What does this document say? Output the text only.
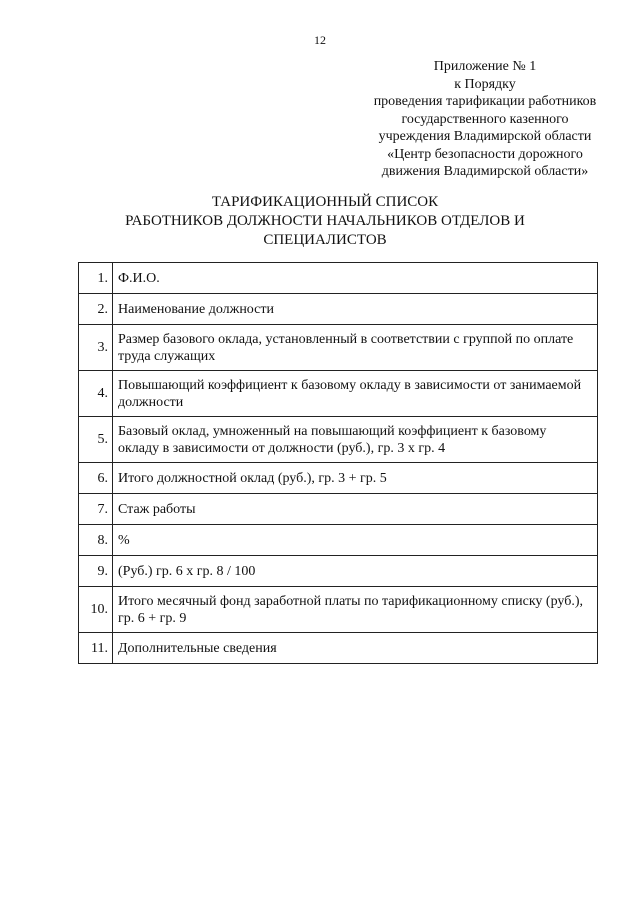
12
Приложение № 1
к Порядку
проведения тарификации работников
государственного казенного
учреждения Владимирской области
«Центр безопасности дорожного
движения Владимирской области»
ТАРИФИКАЦИОННЫЙ СПИСОК
РАБОТНИКОВ ДОЛЖНОСТИ НАЧАЛЬНИКОВ ОТДЕЛОВ И
СПЕЦИАЛИСТОВ
1.	Ф.И.О.
2.	Наименование должности
3.	Размер базового оклада, установленный в соответствии с группой по оплате труда служащих
4.	Повышающий коэффициент к базовому окладу в зависимости от занимаемой должности
5.	Базовый оклад, умноженный на повышающий коэффициент к базовому окладу в зависимости от должности (руб.), гр. 3 х гр. 4
6.	Итого должностной оклад (руб.), гр. 3 + гр. 5
7.	Стаж работы
8.	%
9.	(Руб.) гр. 6 х гр. 8 / 100
10.	Итого месячный фонд заработной платы по тарификационному списку (руб.), гр. 6 + гр. 9
11.	Дополнительные сведения
